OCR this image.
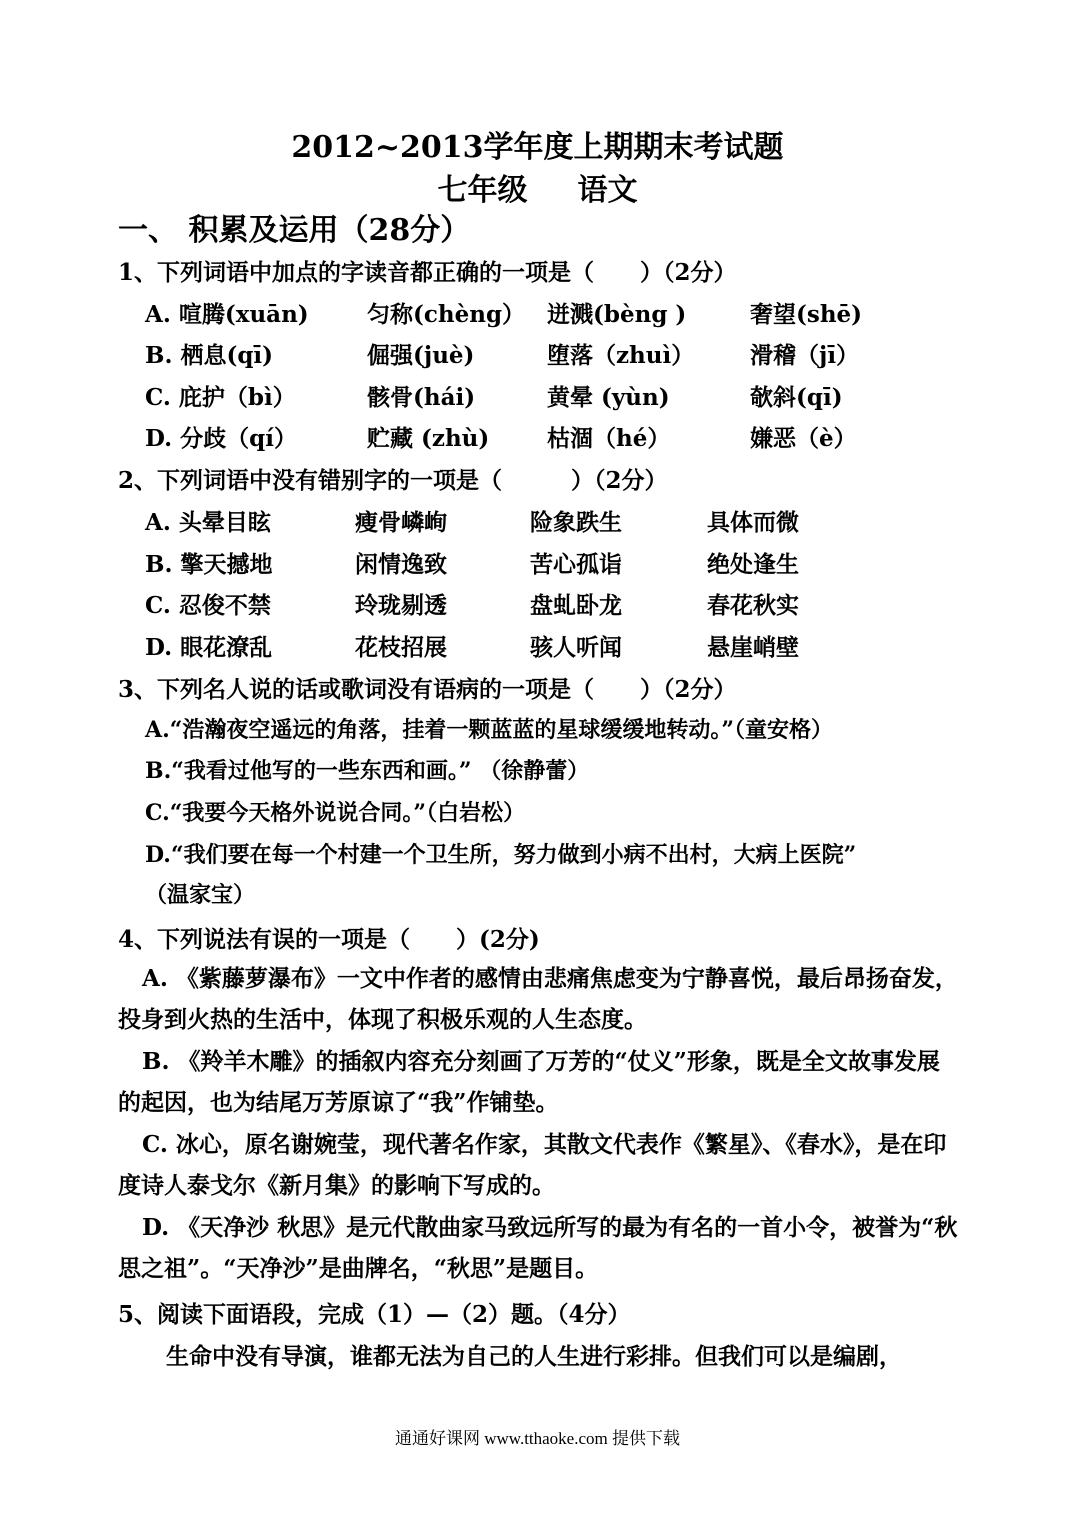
2012~2013学年度上期期末考试题
七年级 语文
一、 积累及运用（28分）
1、下列词语中加点的字读音都正确的一项是（　　）（2分）
A. 喧腾(xuān)	匀称(chèng） 迸溅(bèng )	奢望(shē)
B. 栖息(qī)	倔强(juè)	堕落（zhuì） 滑稽（jī）
C. 庇护（bì）	骸骨(hái)	黄晕 (yùn)	欹斜(qī)
D. 分歧（qí）	贮藏 (zhù)	枯涸（hé）	嫌恶（è）
2、下列词语中没有错别字的一项是（　　　）（2分）
A. 头晕目眩	瘦骨嶙峋	险象跌生	具体而微
B. 擎天撼地	闲情逸致	苦心孤诣	绝处逢生
C. 忍俊不禁	玲珑剔透	盘虬卧龙	春花秋实
D. 眼花潦乱	花枝招展	骇人听闻	悬崖峭壁
3、下列名人说的话或歌词没有语病的一项是（　　）（2分）
A.“浩瀚夜空遥远的角落，挂着一颗蓝蓝的星球缓缓地转动。”（童安格）
B.“我看过他写的一些东西和画。” （徐静蕾）
C.“我要今天格外说说合同。”（白岩松）
D.“我们要在每一个村建一个卫生所，努力做到小病不出村，大病上医院”
（温家宝）
4、下列说法有误的一项是（　　）(2分)
A. 《紫藤萝瀑布》一文中作者的感情由悲痛焦虑变为宁静喜悦，最后昂扬奋发，投身到火热的生活中，体现了积极乐观的人生态度。
B. 《羚羊木雕》的插叙内容充分刻画了万芳的“仗义”形象，既是全文故事发展的起因，也为结尾万芳原谅了“我”作铺垫。
C. 冰心，原名谢婉莹，现代著名作家，其散文代表作《繁星》、《春水》，是在印度诗人泰戈尔《新月集》的影响下写成的。
D. 《天净沙 秋思》是元代散曲家马致远所写的最为有名的一首小令，被誉为“秋思之祖”。“天净沙”是曲牌名，“秋思”是题目。
5、阅读下面语段，完成（1）—（2）题。（4分）
生命中没有导演，谁都无法为自己的人生进行彩排。但我们可以是编剧，
通通好课网 www.tthaoke.com 提供下载
